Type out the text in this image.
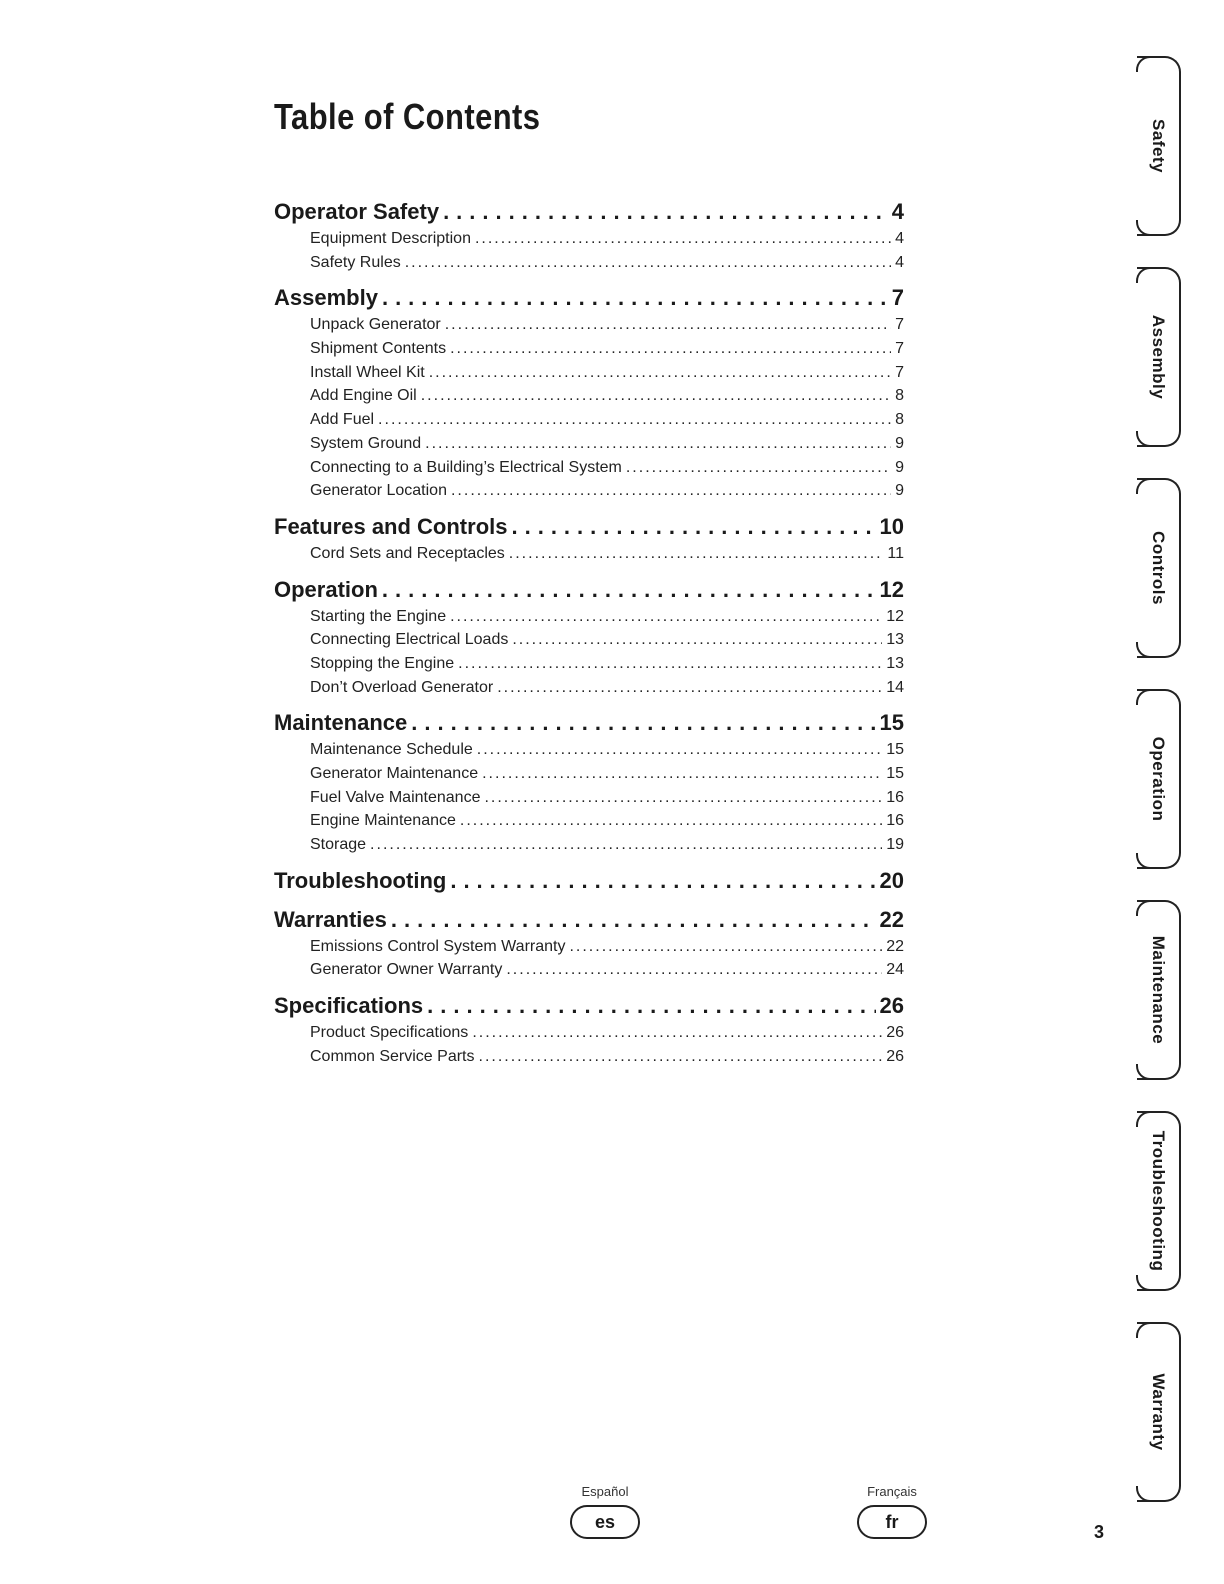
Table of Contents
Operator Safety .....	4
Equipment Description .....	4
Safety Rules .....	4
Assembly .....	7
Unpack Generator .....	7
Shipment Contents .....	7
Install Wheel Kit .....	7
Add Engine Oil .....	8
Add Fuel .....	8
System Ground .....	9
Connecting to a Building’s Electrical System .....	9
Generator Location .....	9
Features and Controls .....	10
Cord Sets and Receptacles .....	11
Operation .....	12
Starting the Engine .....	12
Connecting Electrical Loads .....	13
Stopping the Engine .....	13
Don’t Overload Generator .....	14
Maintenance .....	15
Maintenance Schedule .....	15
Generator Maintenance .....	15
Fuel Valve Maintenance .....	16
Engine Maintenance .....	16
Storage .....	19
Troubleshooting .....	20
Warranties .....	22
Emissions Control System Warranty .....	22
Generator Owner Warranty .....	24
Specifications .....	26
Product Specifications .....	26
Common Service Parts .....	26
Safety
Assembly
Controls
Operation
Maintenance
Troubleshooting
Warranty
Español
es
Français
fr	3
